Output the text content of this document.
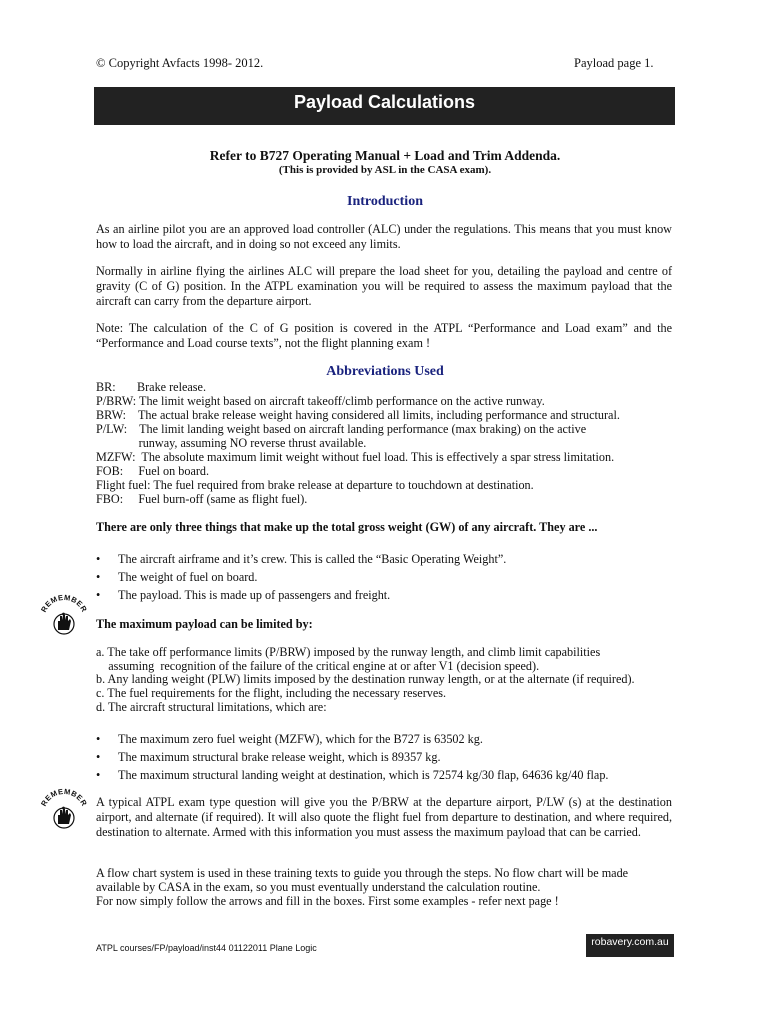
© Copyright Avfacts 1998- 2012.	Payload page 1.
Payload Calculations
Refer to B727 Operating Manual + Load and Trim Addenda.
(This is provided by ASL in the CASA exam).
Introduction
As an airline pilot you are an approved load controller (ALC) under the regulations. This means that you must know how to load the aircraft, and in doing so not exceed any limits.
Normally in airline flying the airlines ALC will prepare the load sheet for you, detailing the payload and centre of gravity (C of G) position. In the ATPL examination you will be required to assess the maximum payload that the aircraft can carry from the departure airport.
Note: The calculation of the C of G position is covered in the ATPL “Performance and Load exam” and the “Performance and Load course texts”, not the flight planning exam !
Abbreviations Used
BR:       Brake release.
P/BRW: The limit weight based on aircraft takeoff/climb performance on the active runway.
BRW:    The actual brake release weight having considered all limits, including performance and structural.
P/LW:    The limit landing weight based on aircraft landing performance (max braking) on the active
runway, assuming NO reverse thrust available.
MZFW:  The absolute maximum limit weight without fuel load. This is effectively a spar stress limitation.
FOB:     Fuel on board.
Flight fuel: The fuel required from brake release at departure to touchdown at destination.
FBO:     Fuel burn-off (same as flight fuel).
There are only three things that make up the total gross weight (GW) of any aircraft. They are ...
• The aircraft airframe and it’s crew. This is called the “Basic Operating Weight”.
• The weight of fuel on board.
• The payload. This is made up of passengers and freight.
REMEMBER
The maximum payload can be limited by:
a. The take off performance limits (P/BRW) imposed by the runway length, and climb limit capabilities
assuming  recognition of the failure of the critical engine at or after V1 (decision speed).
b. Any landing weight (PLW) limits imposed by the destination runway length, or at the alternate (if required).
c. The fuel requirements for the flight, including the necessary reserves.
d. The aircraft structural limitations, which are:
• The maximum zero fuel weight (MZFW), which for the B727 is 63502 kg.
• The maximum structural brake release weight, which is 89357 kg.
• The maximum structural landing weight at destination, which is 72574 kg/30 flap, 64636 kg/40 flap.
REMEMBER A typical ATPL exam type question will give you the P/BRW at the departure airport, P/LW (s) at the destination airport, and alternate (if required). It will also quote the flight fuel from departure to destination, and where required, destination to alternate. Armed with this information you must assess the maximum payload that can be carried.
A flow chart system is used in these training texts to guide you through the steps. No flow chart will be made
available by CASA in the exam, so you must eventually understand the calculation routine.
For now simply follow the arrows and fill in the boxes. First some examples - refer next page !
ATPL courses/FP/payload/inst44 01122011 Plane Logic	robavery.com.au
